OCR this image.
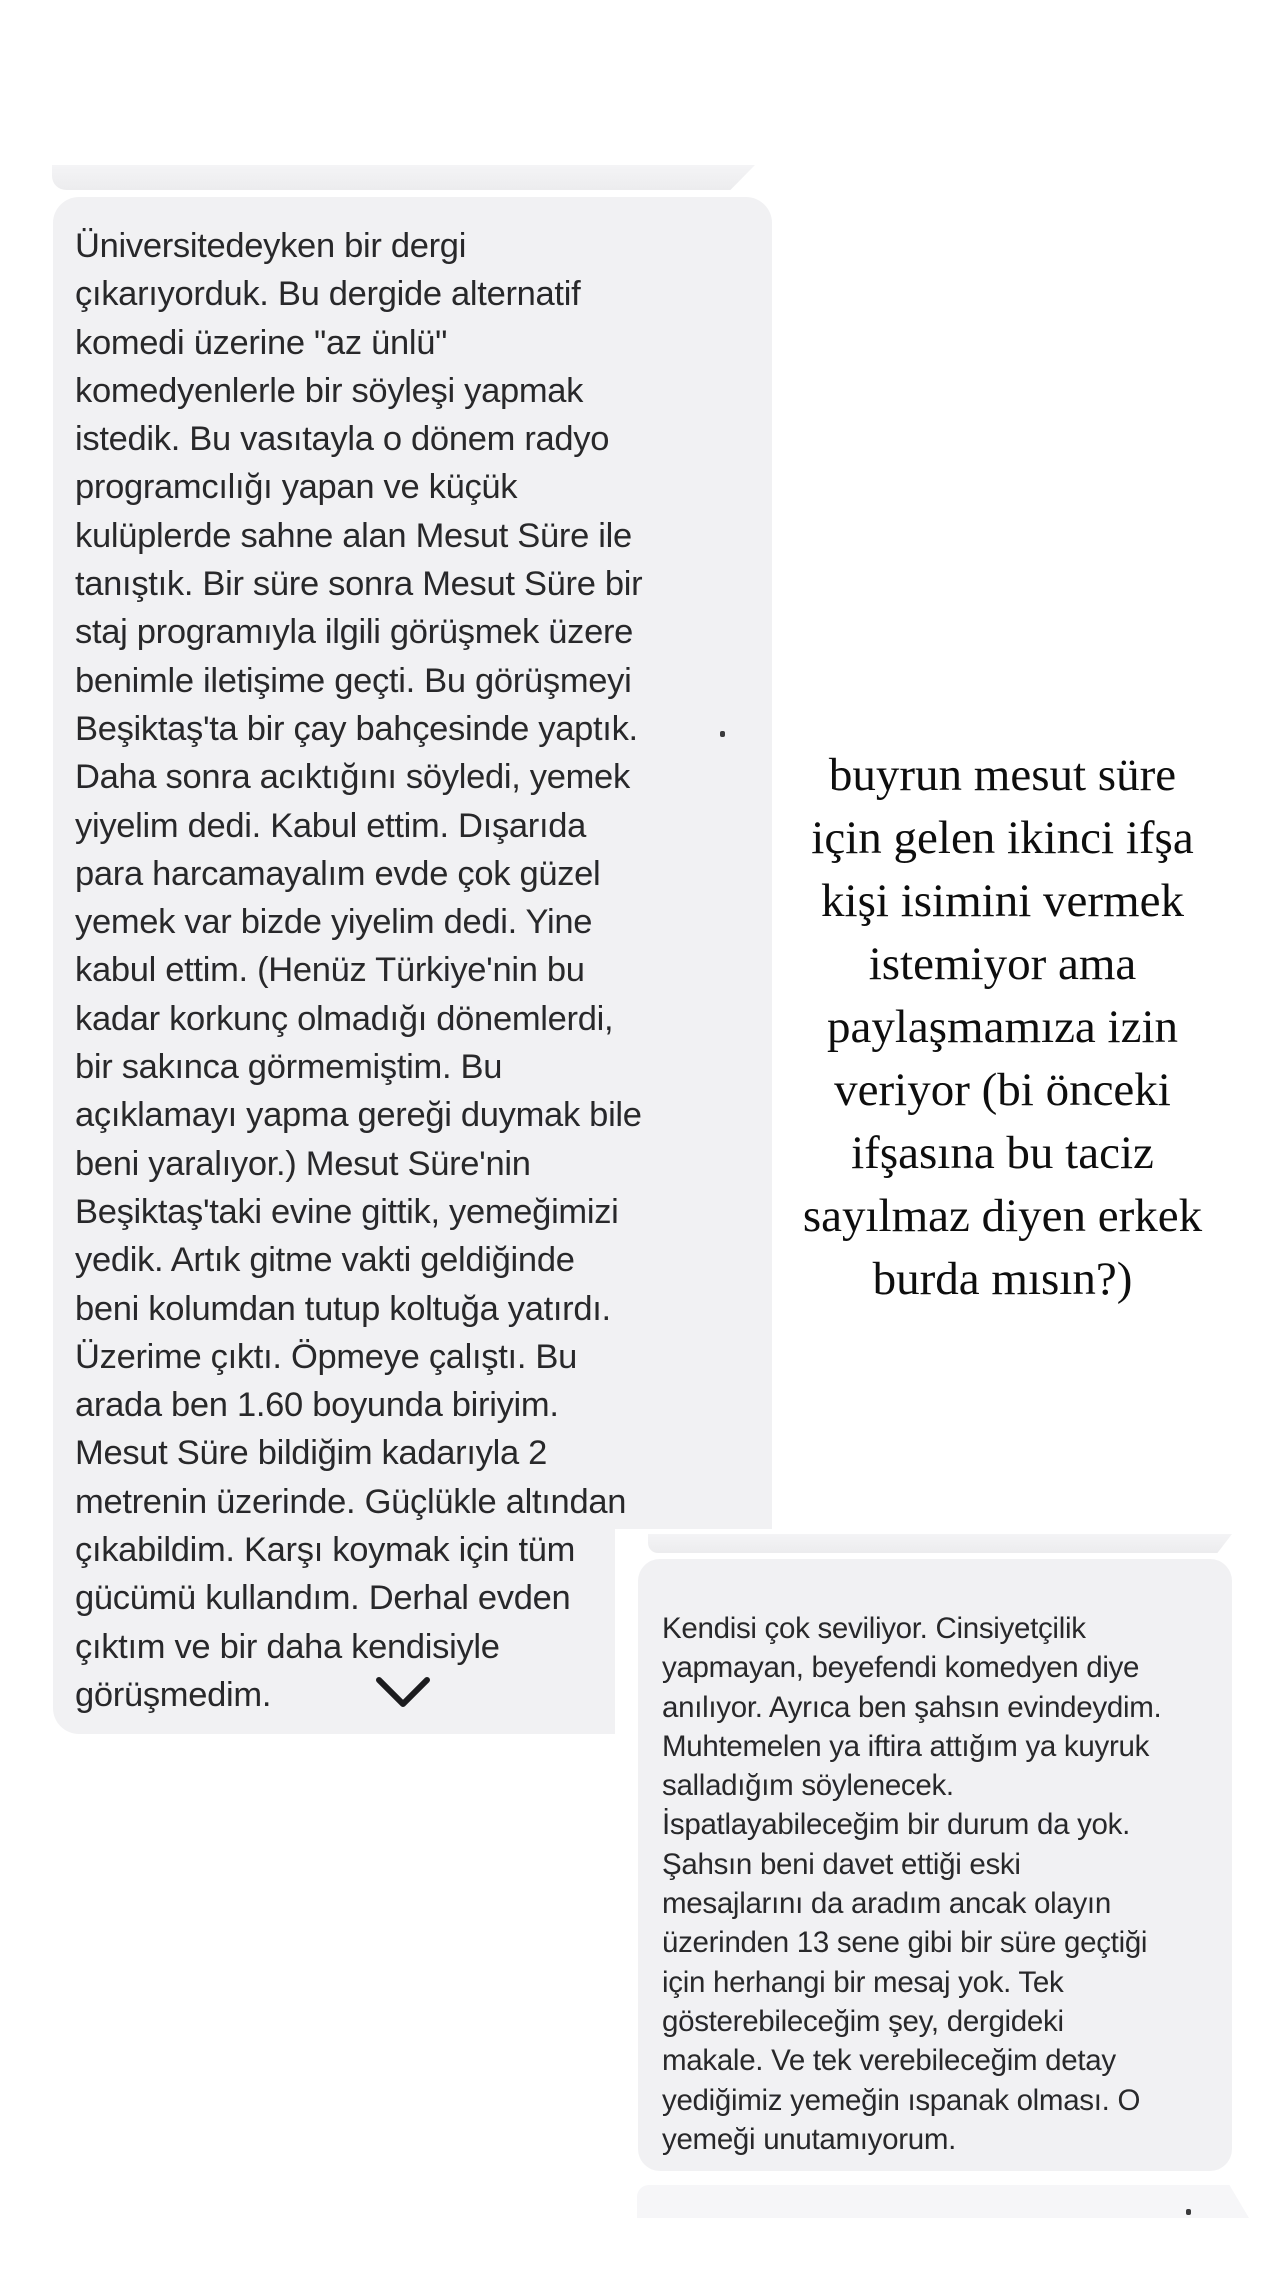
Üniversitedeyken bir dergi
çıkarıyorduk. Bu dergide alternatif
komedi üzerine "az ünlü"
komedyenlerle bir söyleşi yapmak
istedik. Bu vasıtayla o dönem radyo
programcılığı yapan ve küçük
kulüplerde sahne alan Mesut Süre ile
tanıştık. Bir süre sonra Mesut Süre bir
staj programıyla ilgili görüşmek üzere
benimle iletişime geçti. Bu görüşmeyi
Beşiktaş'ta bir çay bahçesinde yaptık.
Daha sonra acıktığını söyledi, yemek
yiyelim dedi. Kabul ettim. Dışarıda
para harcamayalım evde çok güzel
yemek var bizde yiyelim dedi. Yine
kabul ettim. (Henüz Türkiye'nin bu
kadar korkunç olmadığı dönemlerdi,
bir sakınca görmemiştim. Bu
açıklamayı yapma gereği duymak bile
beni yaralıyor.) Mesut Süre'nin
Beşiktaş'taki evine gittik, yemeğimizi
yedik. Artık gitme vakti geldiğinde
beni kolumdan tutup koltuğa yatırdı.
Üzerime çıktı. Öpmeye çalıştı. Bu
arada ben 1.60 boyunda biriyim.
Mesut Süre bildiğim kadarıyla 2
metrenin üzerinde. Güçlükle altından
çıkabildim. Karşı koymak için tüm
gücümü kullandım. Derhal evden
çıktım ve bir daha kendisiyle
görüşmedim.
buyrun mesut süre
için gelen ikinci ifşa
kişi isimini vermek
istemiyor ama
paylaşmamıza izin
veriyor (bi önceki
ifşasına bu taciz
sayılmaz diyen erkek
burda mısın?)
Kendisi çok seviliyor. Cinsiyetçilik
yapmayan, beyefendi komedyen diye
anılıyor. Ayrıca ben şahsın evindeydim.
Muhtemelen ya iftira attığım ya kuyruk
salladığım söylenecek.
İspatlayabileceğim bir durum da yok.
Şahsın beni davet ettiği eski
mesajlarını da aradım ancak olayın
üzerinden 13 sene gibi bir süre geçtiği
için herhangi bir mesaj yok. Tek
gösterebileceğim şey, dergideki
makale. Ve tek verebileceğim detay
yediğimiz yemeğin ıspanak olması. O
yemeği unutamıyorum.
